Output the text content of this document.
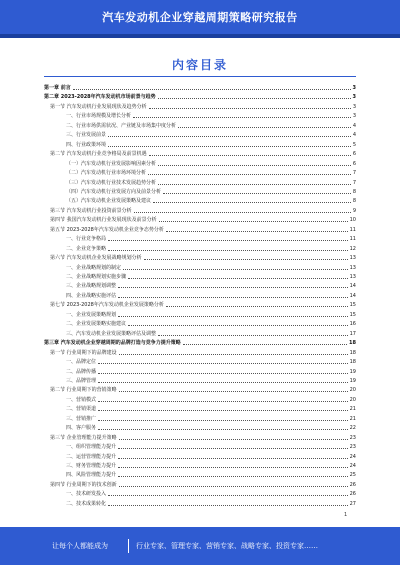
汽车发动机企业穿越周期策略研究报告
内容目录
第一章 前言	3
第二章 2023-2028年汽车发动机市场前景与趋势	3
第一节 汽车发动机行业发展现状及趋势分析	3
一、行业市场规模及增长分析	3
二、行业市场供需状况、产业链及市场集中度分析	4
三、行业发展前景	4
四、行业政策环境	5
第二节 汽车发动机行业竞争格局及前景机遇	6
（一）汽车发动机行业发展影响因素分析	6
（二）汽车发动机行业市场环境分析	7
（三）汽车发动机行业技术发展趋势分析	7
（四）汽车发动机行业发展方向及前景分析	8
（五）汽车发动机企业发展策略及建议	8
第三节 汽车发动机行业投资前景分析	9
第四节 我国汽车发动机行业发展现状及前景分析	10
第五节 2023-2028年汽车发动机企业竞争态势分析	11
一、行业竞争格局	11
二、企业竞争策略	12
第六节 汽车发动机企业发展战略规划分析	13
一、企业战略规划的制定	13
二、企业战略规划实施步骤	13
三、企业战略规划调整	14
四、企业战略实施评估	14
第七节 2023-2028年汽车发动机企业发展策略分析	15
一、企业发展策略规划	15
二、企业发展策略实施建议	16
三、汽车发动机企业发展策略评估及调整	17
第三章 汽车发动机企业穿越周期的品牌打造与竞争力提升策略	18
第一节 行业周期下的品牌建设	18
一、品牌定位	18
二、品牌传播	19
三、品牌管理	19
第二节 行业周期下的营销策略	20
一、营销模式	20
二、营销渠道	21
三、营销推广	21
四、客户服务	22
第三节 企业管理能力提升策略	23
一、组织管理能力提升	23
二、运营管理能力提升	24
三、财务管理能力提升	24
四、风险管理能力提升	25
第四节 行业周期下的技术创新	26
一、技术研发投入	26
二、技术成果转化	27
1
让每个人都能成为	行业专家、管理专家、营销专家、战略专家、投资专家……
